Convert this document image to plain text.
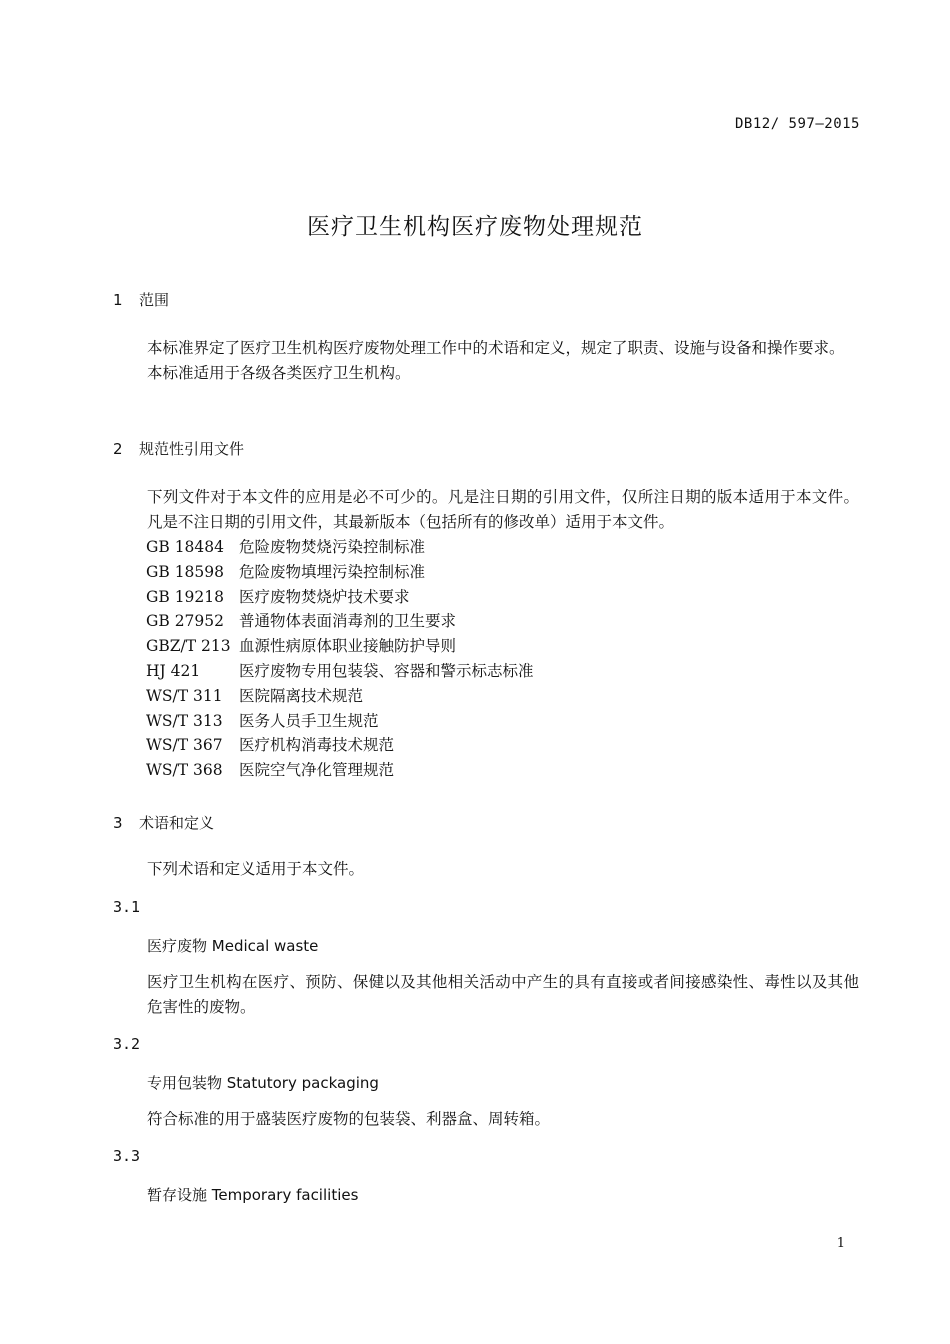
DB12/ 597—2015
医疗卫生机构医疗废物处理规范
1 范围
本标准界定了医疗卫生机构医疗废物处理工作中的术语和定义，规定了职责、设施与设备和操作要求。
本标准适用于各级各类医疗卫生机构。
2 规范性引用文件
下列文件对于本文件的应用是必不可少的。凡是注日期的引用文件，仅所注日期的版本适用于本文件。凡是不注日期的引用文件，其最新版本（包括所有的修改单）适用于本文件。
GB 18484 危险废物焚烧污染控制标准
GB 18598 危险废物填埋污染控制标准
GB 19218 医疗废物焚烧炉技术要求
GB 27952 普通物体表面消毒剂的卫生要求
GBZ/T 213 血源性病原体职业接触防护导则
HJ 421	医疗废物专用包装袋、容器和警示标志标准
WS/T 311 医院隔离技术规范
WS/T 313 医务人员手卫生规范
WS/T 367 医疗机构消毒技术规范
WS/T 368 医院空气净化管理规范
3 术语和定义
下列术语和定义适用于本文件。
3.1
医疗废物 Medical waste
医疗卫生机构在医疗、预防、保健以及其他相关活动中产生的具有直接或者间接感染性、毒性以及其他危害性的废物。
3.2
专用包装物 Statutory packaging
符合标准的用于盛装医疗废物的包装袋、利器盒、周转箱。
3.3
暂存设施 Temporary facilities
1
